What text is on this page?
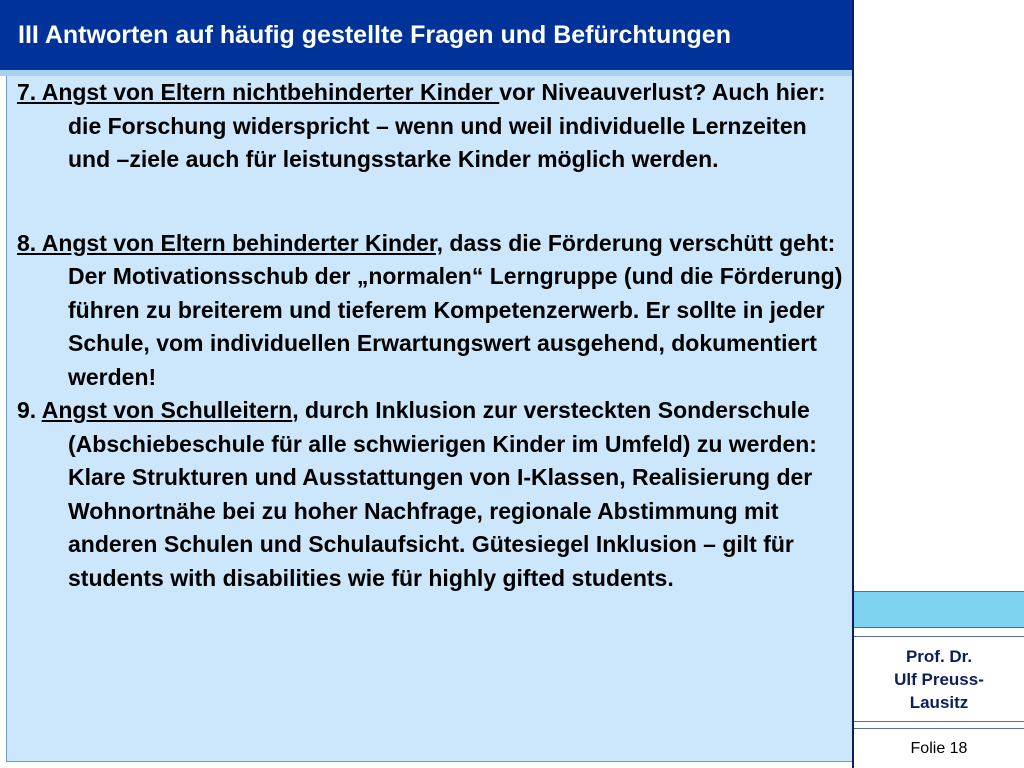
III Antworten auf häufig gestellte Fragen und Befürchtungen

7. Angst von Eltern nichtbehinderter Kinder vor Niveauverlust? Auch hier: die Forschung widerspricht – wenn und weil individuelle Lernzeiten und –ziele auch für leistungsstarke Kinder möglich werden.

8. Angst von Eltern behinderter Kinder, dass die Förderung verschütt geht: Der Motivationsschub der „normalen“ Lerngruppe (und die Förderung) führen zu breiterem und tieferem Kompetenzerwerb. Er sollte in jeder Schule, vom individuellen Erwartungswert ausgehend, dokumentiert werden!

9. Angst von Schulleitern, durch Inklusion zur versteckten Sonderschule (Abschiebeschule für alle schwierigen Kinder im Umfeld) zu werden: Klare Strukturen und Ausstattungen von I-Klassen, Realisierung der Wohnortnähe bei zu hoher Nachfrage, regionale Abstimmung mit anderen Schulen und Schulaufsicht. Gütesiegel Inklusion – gilt für students with disabilities wie für highly gifted students.

Prof. Dr.
Ulf Preuss-
Lausitz
Folie 18
